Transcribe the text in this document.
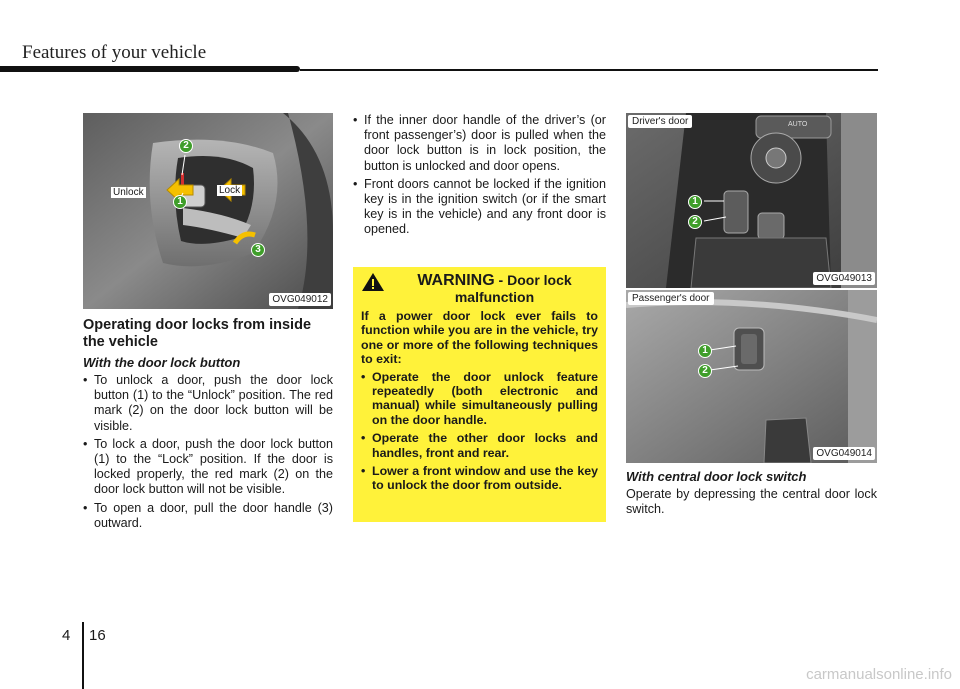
Features of your vehicle
Unlock	Lock
1
2
3
OVG049012
Operating door locks from inside the vehicle
With the door lock button
• To unlock a door, push the door lock button (1) to the “Unlock” position. The red mark (2) on the door lock button will be visible.
• To lock a door, push the door lock button (1) to the “Lock” position. If the door is locked properly, the red mark (2) on the door lock button will not be visible.
• To open a door, pull the door handle (3) outward.
• If the inner door handle of the driver’s (or front passenger’s) door is pulled when the door lock button is in lock position, the button is unlocked and door opens.
• Front doors cannot be locked if the ignition key is in the ignition switch (or if the smart key is in the vehicle) and any front door is opened.
WARNING - Door lock malfunction

If a power door lock ever fails to function while you are in the vehicle, try one or more of the following techniques to exit:

• Operate the door unlock feature repeatedly (both electronic and manual) while simultaneously pulling on the door handle.
• Operate the other door locks and handles, front and rear.
• Lower a front window and use the key to unlock the door from outside.
AUTO
Driver's door
1
2
OVG049013
Passenger's door
1
2
OVG049014
With central door lock switch

Operate by depressing the central door lock switch.

4 16
carmanualsonline.info
